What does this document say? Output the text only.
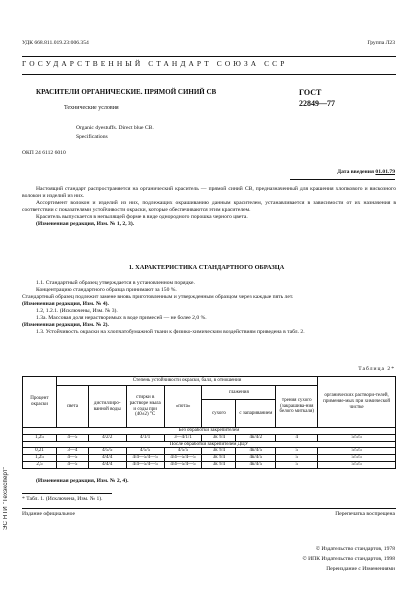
УДК 668.811.019.23:006.354	Группа Л23
ГОСУДАРСТВЕННЫЙ СТАНДАРТ СОЮЗА ССР
КРАСИТЕЛИ ОРГАНИЧЕСКИЕ. ПРЯМОЙ СИНИЙ СВ	ГОСТ
22849—77
Технические условия
Organic dyestuffs. Direct blue CB.
Specifications
ОКП 24 6112 6010
Дата введения 01.01.79
Настоящий стандарт распространяется на органический краситель — прямой синий СВ, предназначенный для крашения хлопкового и вискозного волокон и изделий из них.
Ассортимент волокон и изделий из них, подлежащих окрашиванию данным красителем, устанавливается в зависимости от их назначения в соответствии с показателями устойчивости окраски, которые обеспечиваются этим красителем.
Краситель выпускается в непылящей форме в виде однородного порошка черного цвета.
(Измененная редакция, Изм. № 1, 2, 3).
1. ХАРАКТЕРИСТИКА СТАНДАРТНОГО ОБРАЗЦА
1.1. Стандартный образец утверждается в установленном порядке.
Концентрацию стандартного образца принимают за 150 %.
Стандартный образец подлежит замене вновь приготовленным и утвержденным образцом через каждые пять лет.
(Измененная редакция, Изм. № 4).
1.2, 1.2.1. (Исключены, Изм. № 3).
1.3а. Массовая доля нерастворимых в воде примесей — не более 2,0 %.
(Измененная редакция, Изм. № 2).
1.3. Устойчивость окраски на хлопчатобумажной ткани к физико-химическим воздействиям приведена в табл. 2.
Таблица 2*
Процент окраски	Степень устойчивости окраски, балл, в отношении							органических раствори-телей, применяе-мых при химической чистке
	света	дистиллиро-ванной воды	стирки в растворе мыла и соды при (40±2) °С	«пота»	глажения		трения сухого (закрашива-ния белого миткаля)	
					сухого	с запариванием		
Без обработки закрепителем								
1,25	4—5	4/2/2	4/1/1	3—4/1/1	3к т/4	4к/4/2	4	5/5/5
После обработки закрепителем ДЦУ								
0,21	3—4	4/5/5	4/5/5	4/5/5	3к т/4	4к/4/5	5	5/5/5
1,25	4—5	4/4/4	4/4—5/4—5	4/4—5/4—5	3к т/4	4к/4/5	5	5/5/5
2,5	4—5	4/4/4	4/4—5/4—5	4/4—5/4—5	3к т/4	4к/4/5	5	5/5/5
(Измененная редакция, Изм. № 2, 4).
* Табл. 1. (Исключена, Изм. № 1).
Издание официальное	Перепечатка воспрещена
© Издательство стандартов, 1978
© ИПК Издательство стандартов, 1998
Переиздание с Изменениями
ЭС НТИ "Техэксперт"
